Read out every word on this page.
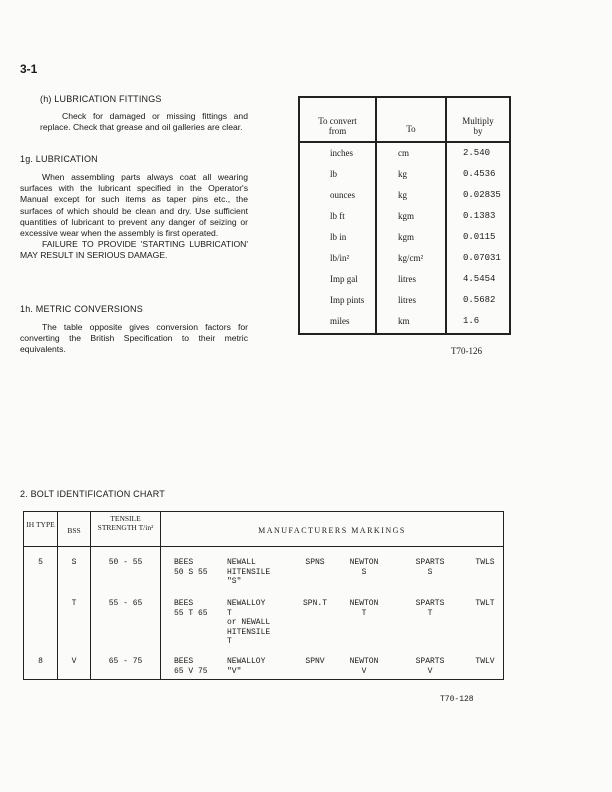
3-1
(h) LUBRICATION FITTINGS

Check for damaged or missing fittings and replace. Check that grease and oil galleries are clear.

1g. LUBRICATION

When assembling parts always coat all wearing surfaces with the lubricant specified in the Operator's Manual except for such items as taper pins etc., the surfaces of which should be clean and dry. Use sufficient quantities of lubricant to prevent any danger of seizing or excessive wear when the assembly is first operated.

FAILURE TO PROVIDE 'STARTING LUBRICATION' MAY RESULT IN SERIOUS DAMAGE.

1h. METRIC CONVERSIONS

The table opposite gives conversion factors for converting the British Specification to their metric equivalents.

To convert
from	To
Multiply
by
inches	cm	2.540
lb	kg	0.4536
ounces	kg	0.02835
lb ft	kgm	0.1383
lb in	kgm	0.0115
lb/in²	kg/cm²	0.07031
Imp gal	litres	4.5454
Imp pints	litres	0.5682
miles	km	1.6
T70-126
2. BOLT IDENTIFICATION CHART
IH TYPE
BSS
TENSILE STRENGTH T/in²	MANUFACTURERS MARKINGS
5	S	50 - 55	BEES
50 S 55
NEWALL
HITENSILE
"S"
SPNS	NEWTON
S
SPARTS
S
TWLS
T	55 - 65	BEES
55 T 65
NEWALLOY
T
or NEWALL
HITENSILE
T
SPN.T	NEWTON
T
SPARTS
T
TWLT
8	V	65 - 75	BEES
65 V 75
NEWALLOY
"V"
SPNV	NEWTON
V
SPARTS
V
TWLV
T70-128
